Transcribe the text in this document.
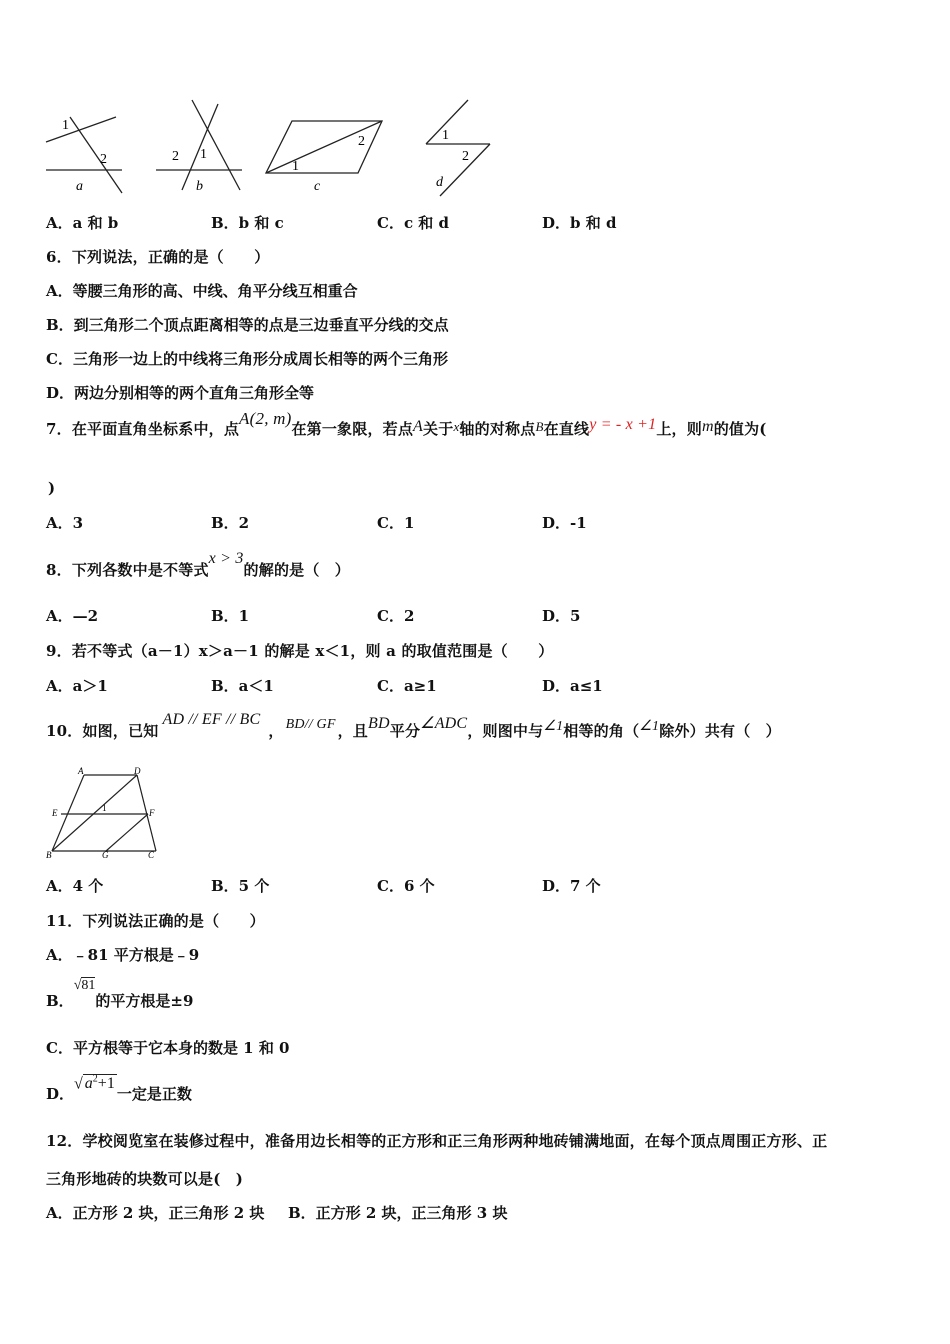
1
2
a
2 1
b
1
2
c
1
2
d
A．a 和 b	B．b 和 c	C．c 和 d	D．b 和 d
6．下列说法，正确的是（　　）
A．等腰三角形的高、中线、角平分线互相重合
B．到三角形二个顶点距离相等的点是三边垂直平分线的交点
C．三角形一边上的中线将三角形分成周长相等的两个三角形
D．两边分别相等的两个直角三角形全等
7．在平面直角坐标系中，点A(2, m)在第一象限，若点A关于x轴的对称点B在直线y = - x +1上，则m的值为(
)
A．3	B．2	C．1	D．-1
8．下列各数中是不等式x > 3的解的是（　）
A．—2	B．1	C．2	D．5
9．若不等式（a－1）x＞a－1 的解是 x＜1，则 a 的取值范围是（　　）
A．a＞1	B．a＜1	C．a≥1	D．a≤1
10．如图，已知AD // EF // BC， BD// GF ，且BD平分∠ADC，则图中与∠1相等的角（∠1除外）共有（　）
A	D
E	F
1
B	G	C
A．4 个	B．5 个	C．6 个	D．7 个
11．下列说法正确的是（　　）
A．﹣81 平方根是﹣9
B．√81的平方根是±9
C．平方根等于它本身的数是 1 和 0
D．√ $a^2+1$一定是正数
12．学校阅览室在装修过程中，准备用边长相等的正方形和正三角形两种地砖铺满地面，在每个顶点周围正方形、正
三角形地砖的块数可以是(　)
A．正方形 2 块，正三角形 2 块 B．正方形 2 块，正三角形 3 块
